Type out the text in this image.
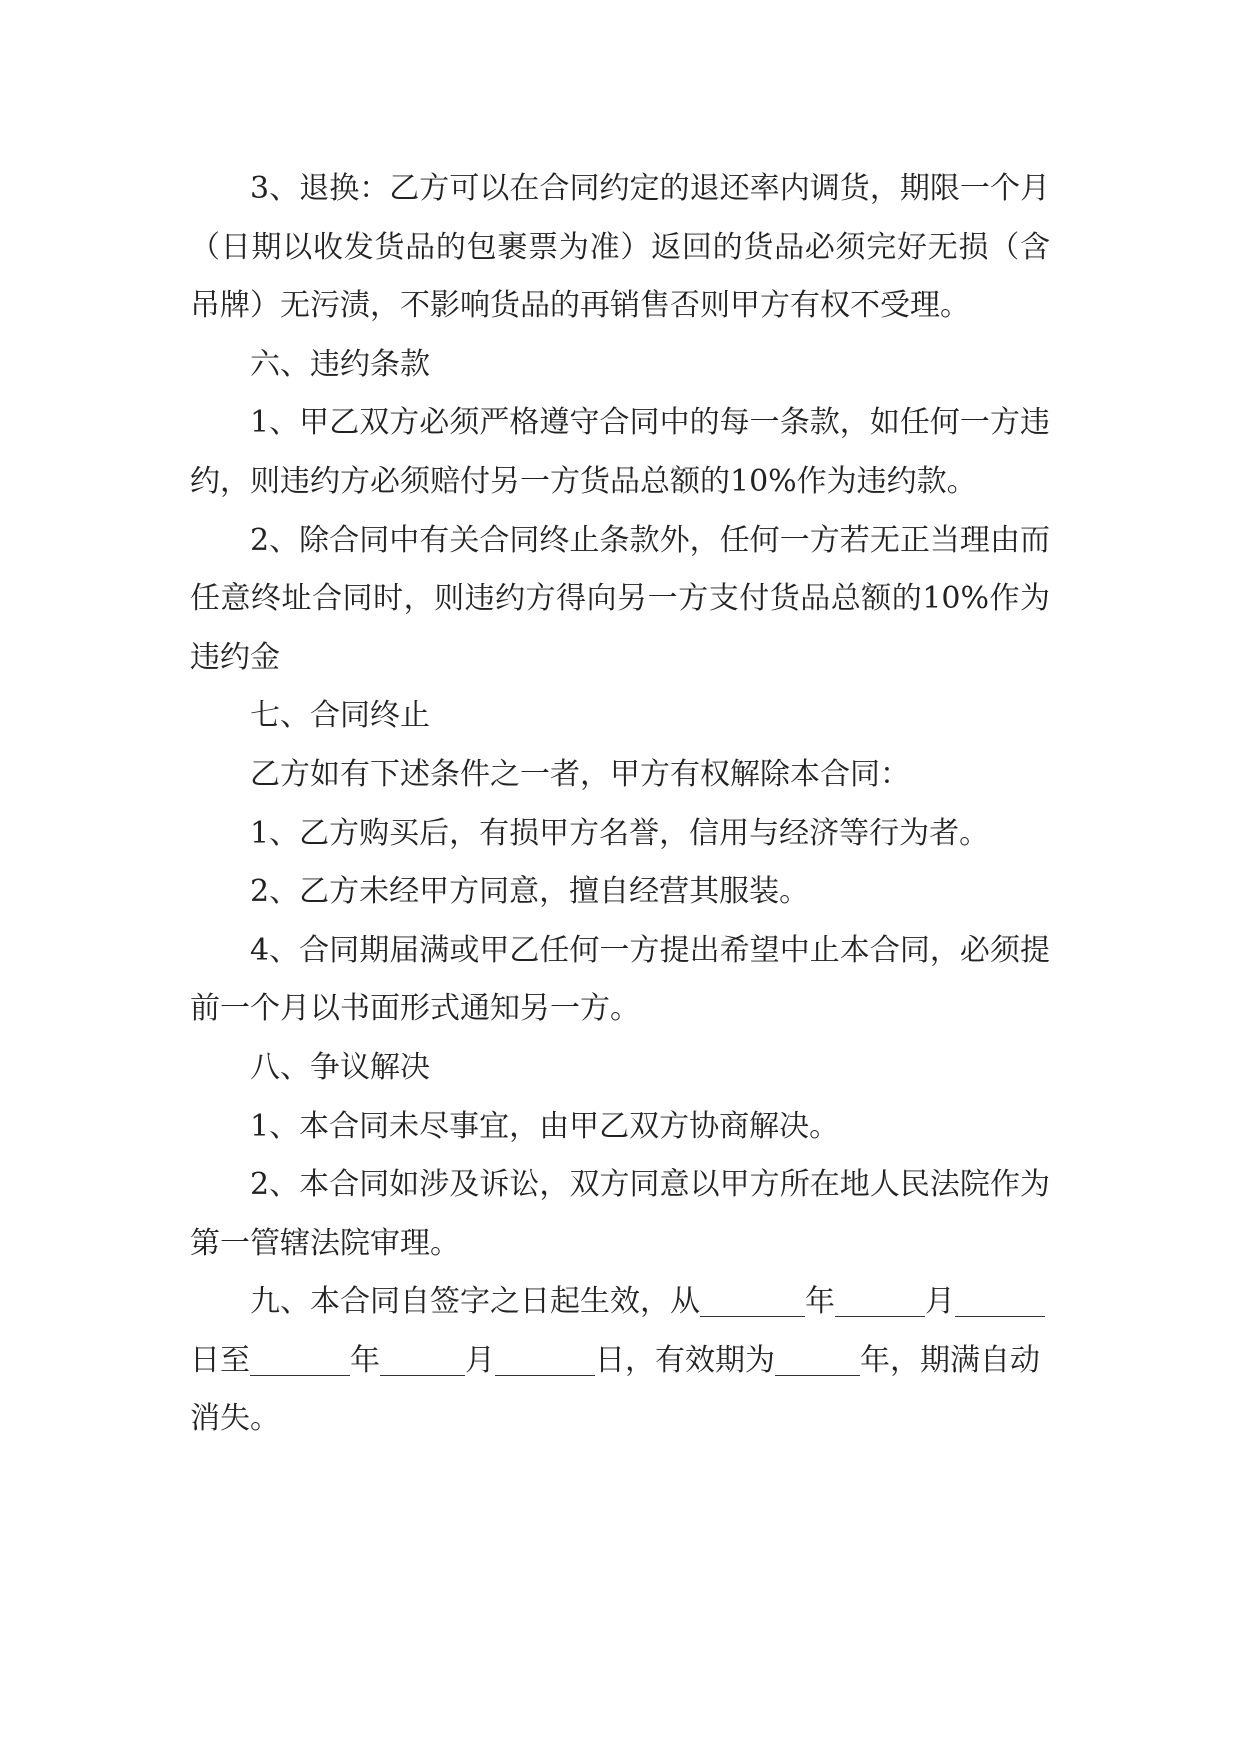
3、退换：乙方可以在合同约定的退还率内调货，期限一个月（日期以收发货品的包裹票为准）返回的货品必须完好无损（含吊牌）无污渍，不影响货品的再销售否则甲方有权不受理。

六、违约条款

1、甲乙双方必须严格遵守合同中的每一条款，如任何一方违约，则违约方必须赔付另一方货品总额的10%作为违约款。

2、除合同中有关合同终止条款外，任何一方若无正当理由而任意终址合同时，则违约方得向另一方支付货品总额的10%作为违约金

七、合同终止

乙方如有下述条件之一者，甲方有权解除本合同：

1、乙方购买后，有损甲方名誉，信用与经济等行为者。

2、乙方未经甲方同意，擅自经营其服装。

4、合同期届满或甲乙任何一方提出希望中止本合同，必须提前一个月以书面形式通知另一方。

八、争议解决

1、本合同未尽事宜，由甲乙双方协商解决。

2、本合同如涉及诉讼，双方同意以甲方所在地人民法院作为第一管辖法院审理。

九、本合同自签字之日起生效，从	年	月日至	年	月	日，有效期为	年，期满自动消失。
